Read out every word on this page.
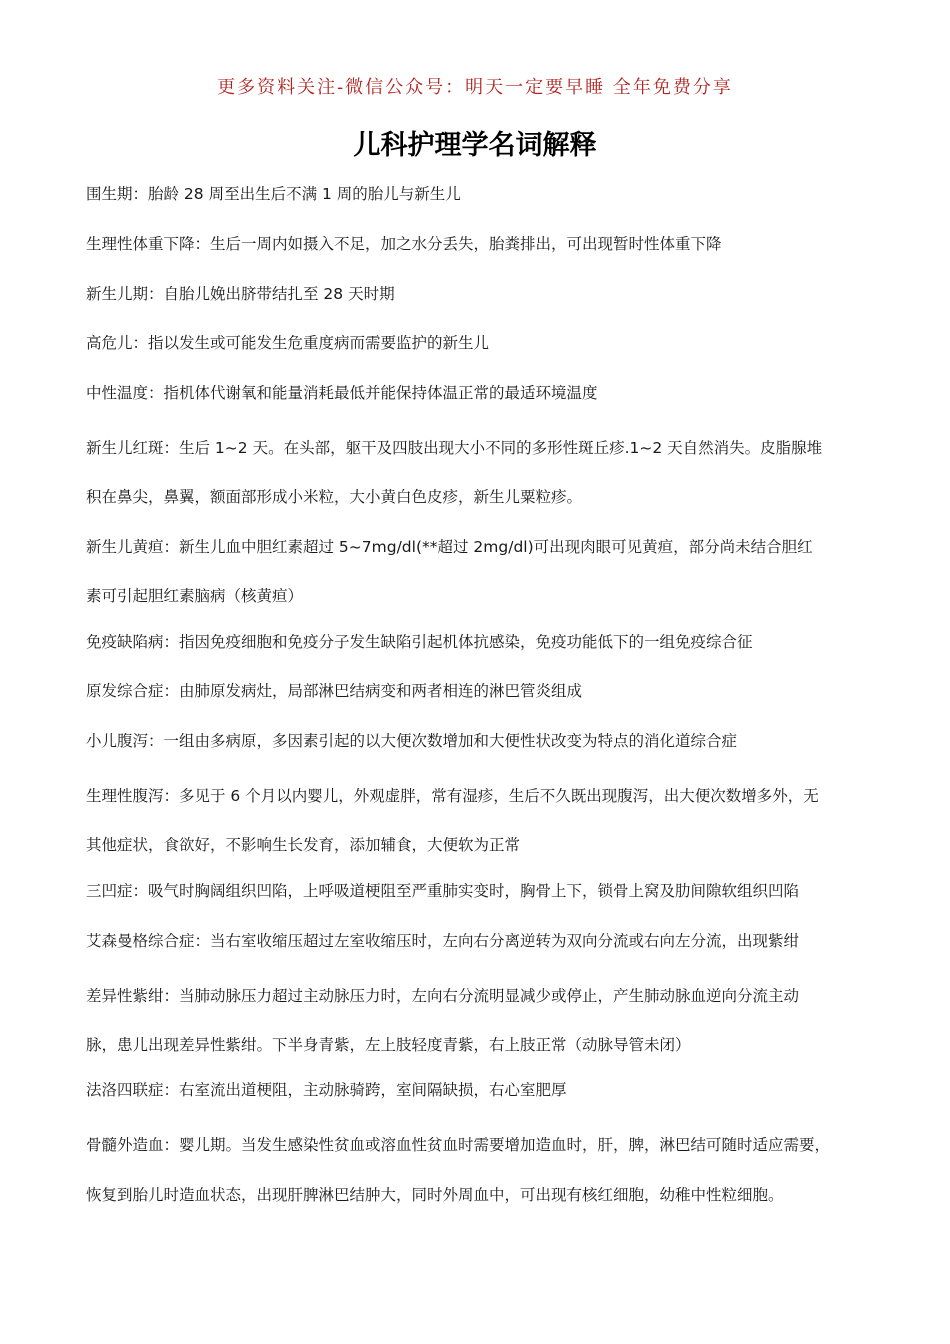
更多资料关注-微信公众号：明天一定要早睡 全年免费分享
儿科护理学名词解释
围生期：胎龄 28 周至出生后不满 1 周的胎儿与新生儿
生理性体重下降：生后一周内如摄入不足，加之水分丢失，胎粪排出，可出现暂时性体重下降
新生儿期：自胎儿娩出脐带结扎至 28 天时期
高危儿：指以发生或可能发生危重度病而需要监护的新生儿
中性温度：指机体代谢氧和能量消耗最低并能保持体温正常的最适环境温度
新生儿红斑：生后 1~2 天。在头部，躯干及四肢出现大小不同的多形性斑丘疹.1~2 天自然消失。皮脂腺堆
积在鼻尖，鼻翼，额面部形成小米粒，大小黄白色皮疹，新生儿粟粒疹。
新生儿黄疸：新生儿血中胆红素超过 5~7mg/dl(**超过 2mg/dl)可出现肉眼可见黄疸，部分尚未结合胆红
素可引起胆红素脑病（核黄疸）
免疫缺陷病：指因免疫细胞和免疫分子发生缺陷引起机体抗感染，免疫功能低下的一组免疫综合征
原发综合症：由肺原发病灶，局部淋巴结病变和两者相连的淋巴管炎组成
小儿腹泻：一组由多病原，多因素引起的以大便次数增加和大便性状改变为特点的消化道综合症
生理性腹泻：多见于 6 个月以内婴儿，外观虚胖，常有湿疹，生后不久既出现腹泻，出大便次数增多外，无
其他症状，食欲好，不影响生长发育，添加辅食，大便软为正常
三凹症：吸气时胸阔组织凹陷，上呼吸道梗阻至严重肺实变时，胸骨上下，锁骨上窝及肋间隙软组织凹陷
艾森曼格综合症：当右室收缩压超过左室收缩压时，左向右分离逆转为双向分流或右向左分流，出现紫绀
差异性紫绀：当肺动脉压力超过主动脉压力时，左向右分流明显减少或停止，产生肺动脉血逆向分流主动
脉，患儿出现差异性紫绀。下半身青紫，左上肢轻度青紫，右上肢正常（动脉导管未闭）
法洛四联症：右室流出道梗阻，主动脉骑跨，室间隔缺损，右心室肥厚
骨髓外造血：婴儿期。当发生感染性贫血或溶血性贫血时需要增加造血时，肝，脾，淋巴结可随时适应需要，
恢复到胎儿时造血状态，出现肝脾淋巴结肿大，同时外周血中，可出现有核红细胞，幼稚中性粒细胞。
